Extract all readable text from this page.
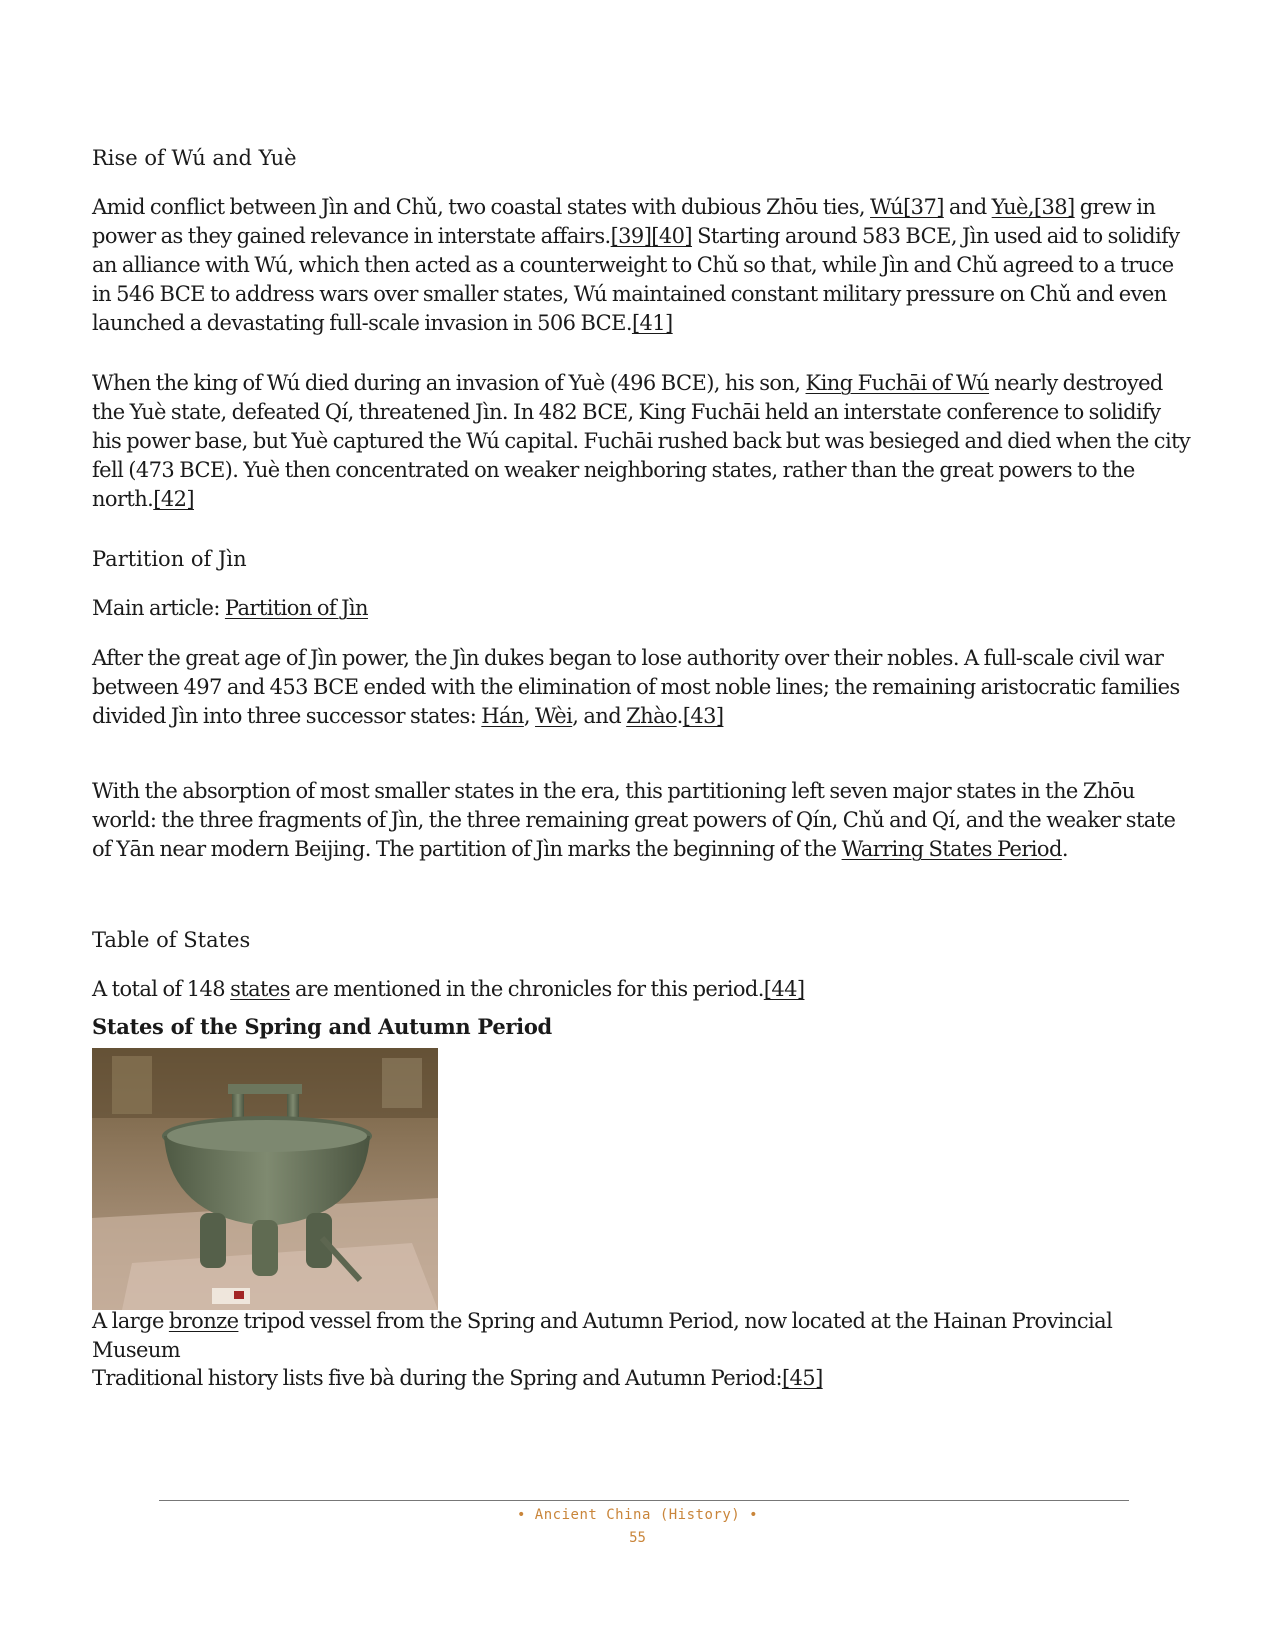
Rise of Wú and Yuè
Amid conflict between Jìn and Chǔ, two coastal states with dubious Zhōu ties, Wú[37] and Yuè,[38] grew in power as they gained relevance in interstate affairs.[39][40] Starting around 583 BCE, Jìn used aid to solidify an alliance with Wú, which then acted as a counterweight to Chǔ so that, while Jìn and Chǔ agreed to a truce in 546 BCE to address wars over smaller states, Wú maintained constant military pressure on Chǔ and even launched a devastating full-scale invasion in 506 BCE.[41]
When the king of Wú died during an invasion of Yuè (496 BCE), his son, King Fuchāi of Wú nearly destroyed the Yuè state, defeated Qí, threatened Jìn. In 482 BCE, King Fuchāi held an interstate conference to solidify his power base, but Yuè captured the Wú capital. Fuchāi rushed back but was besieged and died when the city fell (473 BCE). Yuè then concentrated on weaker neighboring states, rather than the great powers to the north.[42]
Partition of Jìn
Main article: Partition of Jìn
After the great age of Jìn power, the Jìn dukes began to lose authority over their nobles. A full-scale civil war between 497 and 453 BCE ended with the elimination of most noble lines; the remaining aristocratic families divided Jìn into three successor states: Hán, Wèi, and Zhào.[43]
With the absorption of most smaller states in the era, this partitioning left seven major states in the Zhōu world: the three fragments of Jìn, the three remaining great powers of Qín, Chǔ and Qí, and the weaker state of Yān near modern Beijing. The partition of Jìn marks the beginning of the Warring States Period.
Table of States
A total of 148 states are mentioned in the chronicles for this period.[44]
States of the Spring and Autumn Period
A large bronze tripod vessel from the Spring and Autumn Period, now located at the Hainan Provincial Museum
Traditional history lists five bà during the Spring and Autumn Period:[45]
• Ancient China (History) •
55
